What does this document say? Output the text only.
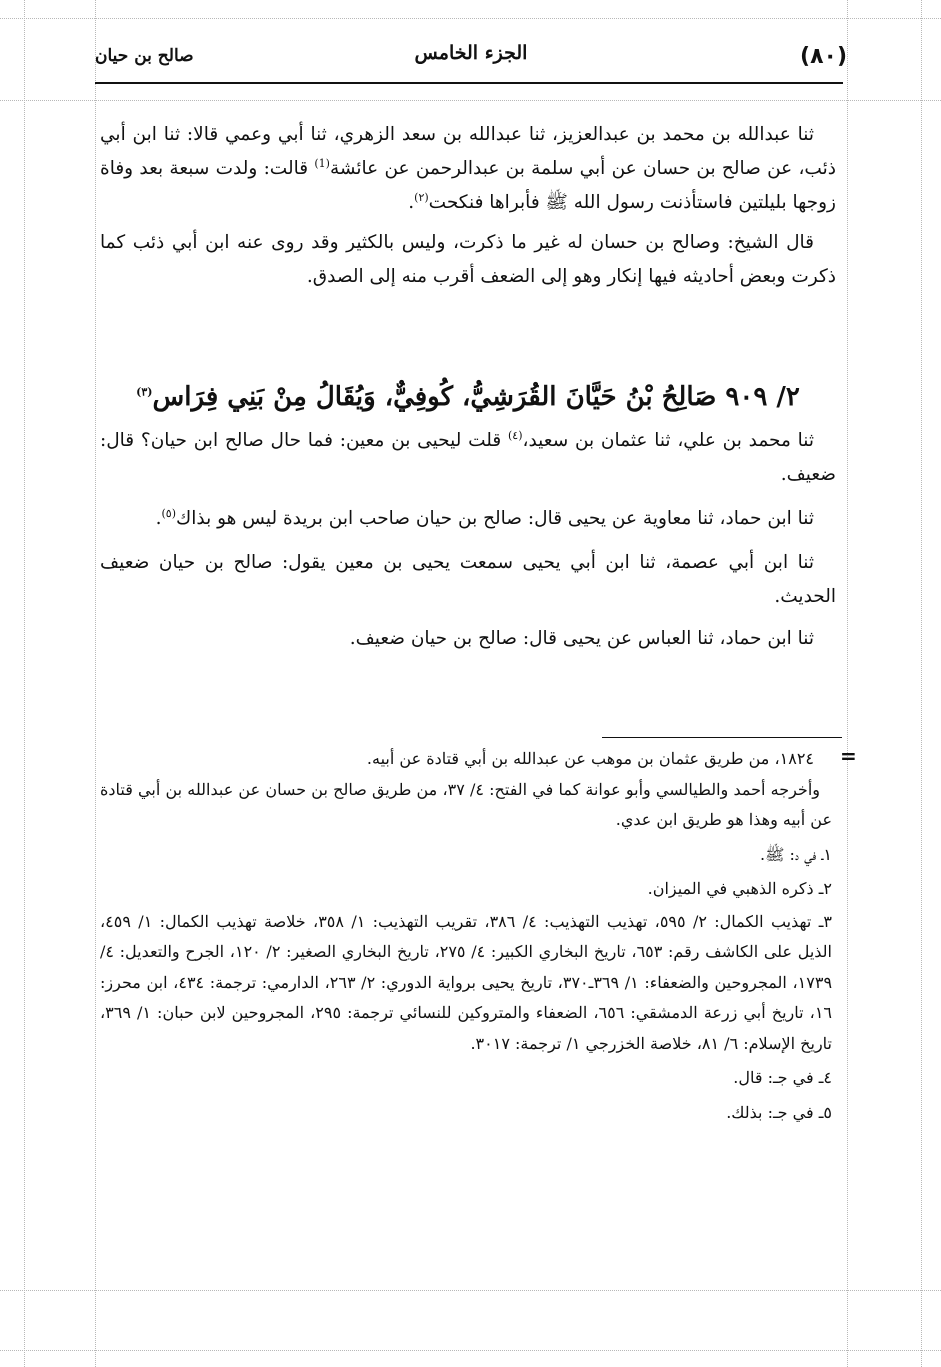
(٨٠)
الجزء الخامس
صالح بن حيان

ثنا عبدالله بن محمد بن عبدالعزيز، ثنا عبدالله بن سعد الزهري، ثنا أبي وعمي قالا: ثنا ابن أبي ذئب، عن صالح بن حسان عن أبي سلمة بن عبدالرحمن عن عائشة$^{(1)}$ قالت: ولدت سبعة بعد وفاة زوجها بليلتين فاستأذنت رسول الله ﷺ فأبراها فنكحت$^{(٢)}$.

قال الشيخ: وصالح بن حسان له غير ما ذكرت، وليس بالكثير وقد روى عنه ابن أبي ذئب كما ذكرت وبعض أحاديثه فيها إنكار وهو إلى الضعف أقرب منه إلى الصدق.

٢/ ٩٠٩ صَالِحُ بْنُ حَيَّانَ القُرَشِيُّ، كُوفِيٌّ، وَيُقَالُ مِنْ بَنِي فِرَاس$^{(٣)}$

ثنا محمد بن علي، ثنا عثمان بن سعيد،$^{(٤)}$ قلت ليحيى بن معين: فما حال صالح ابن حيان؟ قال: ضعيف.

ثنا ابن حماد، ثنا معاوية عن يحيى قال: صالح بن حيان صاحب ابن بريدة ليس هو بذاك$^{(٥)}$.

ثنا ابن أبي عصمة، ثنا ابن أبي يحيى سمعت يحيى بن معين يقول: صالح بن حيان ضعيف الحديث.

ثنا ابن حماد، ثنا العباس عن يحيى قال: صالح بن حيان ضعيف.

=

١٨٢٤، من طريق عثمان بن موهب عن عبدالله بن أبي قتادة عن أبيه.

وأخرجه أحمد والطيالسي وأبو عوانة كما في الفتح: ٤/ ٣٧، من طريق صالح بن حسان عن عبدالله بن أبي قتادة عن أبيه وهذا هو طريق ابن عدي.

١ـ في د: ﷺ.

٢ـ ذكره الذهبي في الميزان.

٣ـ تهذيب الكمال: ٢/ ٥٩٥، تهذيب التهذيب: ٤/ ٣٨٦، تقريب التهذيب: ١/ ٣٥٨، خلاصة تهذيب الكمال: ١/ ٤٥٩، الذيل على الكاشف رقم: ٦٥٣، تاريخ البخاري الكبير: ٤/ ٢٧٥، تاريخ البخاري الصغير: ٢/ ١٢٠، الجرح والتعديل: ٤/ ١٧٣٩، المجروحين والضعفاء: ١/ ٣٦٩ـ٣٧٠، تاريخ يحيى برواية الدوري: ٢/ ٢٦٣، الدارمي: ترجمة: ٤٣٤، ابن محرز: ١٦، تاريخ أبي زرعة الدمشقي: ٦٥٦، الضعفاء والمتروكين للنسائي ترجمة: ٢٩٥، المجروحين لابن حبان: ١/ ٣٦٩، تاريخ الإسلام: ٦/ ٨١، خلاصة الخزرجي ١/ ترجمة: ٣٠١٧.

٤ـ في جـ: قال.

٥ـ في جـ: بذلك.
